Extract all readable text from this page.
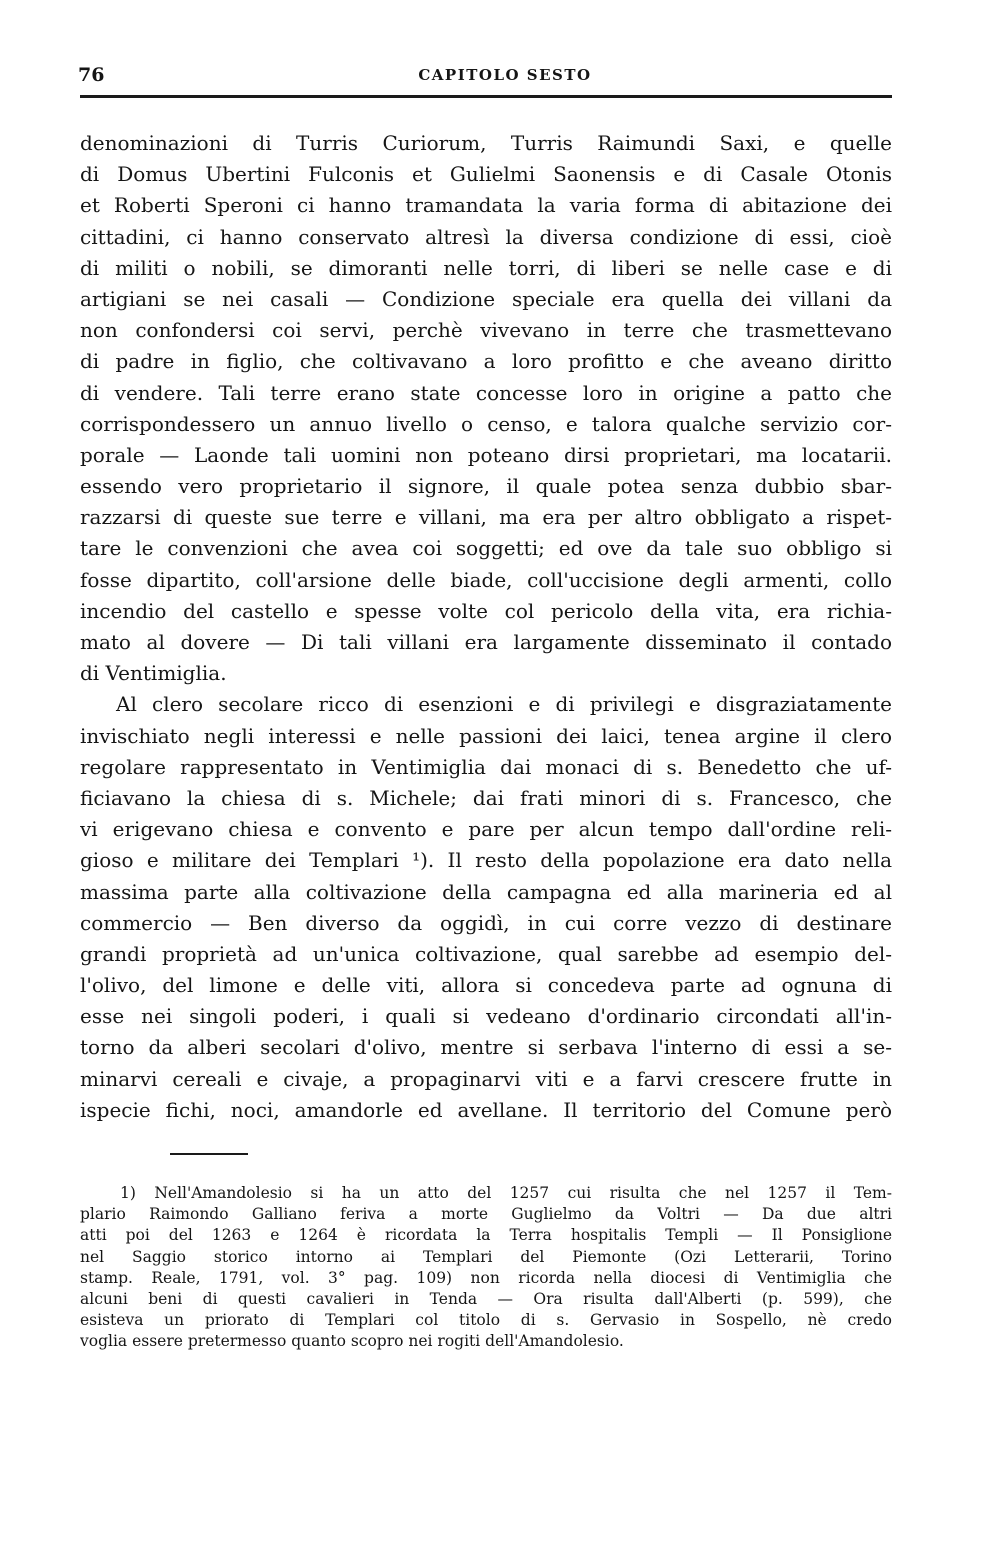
76	CAPITOLO SESTO
denominazioni di Turris Curiorum, Turris Raimundi Saxi, e quelle
di Domus Ubertini Fulconis et Gulielmi Saonensis e di Casale Otonis
et Roberti Speroni ci hanno tramandata la varia forma di abitazione dei
cittadini, ci hanno conservato altresì la diversa condizione di essi, cioè
di militi o nobili, se dimoranti nelle torri, di liberi se nelle case e di
artigiani se nei casali — Condizione speciale era quella dei villani da
non confondersi coi servi, perchè vivevano in terre che trasmettevano
di padre in figlio, che coltivavano a loro profitto e che aveano diritto
di vendere. Tali terre erano state concesse loro in origine a patto che
corrispondessero un annuo livello o censo, e talora qualche servizio cor-
porale — Laonde tali uomini non poteano dirsi proprietari, ma locatarii.
essendo vero proprietario il signore, il quale potea senza dubbio sbar-
razzarsi di queste sue terre e villani, ma era per altro obbligato a rispet-
tare le convenzioni che avea coi soggetti; ed ove da tale suo obbligo si
fosse dipartito, coll'arsione delle biade, coll'uccisione degli armenti, collo
incendio del castello e spesse volte col pericolo della vita, era richia-
mato al dovere — Di tali villani era largamente disseminato il contado
di Ventimiglia.
Al clero secolare ricco di esenzioni e di privilegi e disgraziatamente
invischiato negli interessi e nelle passioni dei laici, tenea argine il clero
regolare rappresentato in Ventimiglia dai monaci di s. Benedetto che uf-
ficiavano la chiesa di s. Michele; dai frati minori di s. Francesco, che
vi erigevano chiesa e convento e pare per alcun tempo dall'ordine reli-
gioso e militare dei Templari ¹). Il resto della popolazione era dato nella
massima parte alla coltivazione della campagna ed alla marineria ed al
commercio — Ben diverso da oggidì, in cui corre vezzo di destinare
grandi proprietà ad un'unica coltivazione, qual sarebbe ad esempio del-
l'olivo, del limone e delle viti, allora si concedeva parte ad ognuna di
esse nei singoli poderi, i quali si vedeano d'ordinario circondati all'in-
torno da alberi secolari d'olivo, mentre si serbava l'interno di essi a se-
minarvi cereali e civaje, a propaginarvi viti e a farvi crescere frutte in
ispecie fichi, noci, amandorle ed avellane. Il territorio del Comune però
1) Nell'Amandolesio si ha un atto del 1257 cui risulta che nel 1257 il Tem-
plario Raimondo Galliano feriva a morte Guglielmo da Voltri — Da due altri
atti poi del 1263 e 1264 è ricordata la Terra hospitalis Templi — Il Ponsiglione
nel Saggio storico intorno ai Templari del Piemonte (Ozi Letterarii, Torino
stamp. Reale, 1791, vol. 3° pag. 109) non ricorda nella diocesi di Ventimiglia che
alcuni beni di questi cavalieri in Tenda — Ora risulta dall'Alberti (p. 599), che
esisteva un priorato di Templari col titolo di s. Gervasio in Sospello, nè credo
voglia essere pretermesso quanto scopro nei rogiti dell'Amandolesio.
